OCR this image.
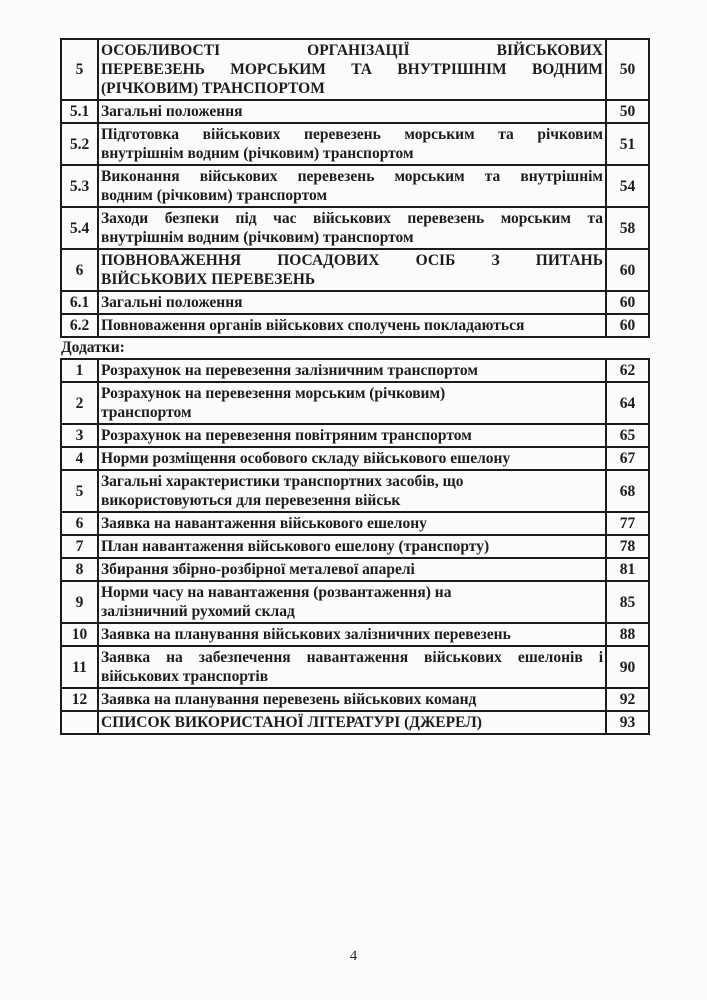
5	ОСОБЛИВОСТІ ОРГАНІЗАЦІЇ ВІЙСЬКОВИХ
ПЕРЕВЕЗЕНЬ МОРСЬКИМ ТА ВНУТРІШНІМ ВОДНИМ
(РІЧКОВИМ) ТРАНСПОРТОМ	50
5.1	Загальні положення	50
5.2	Підготовка військових перевезень морським та річковим
внутрішнім водним (річковим) транспортом	51
5.3	Виконання військових перевезень морським та внутрішнім
водним (річковим) транспортом	54
5.4	Заходи безпеки під час військових перевезень морським та
внутрішнім водним (річковим) транспортом	58
6	ПОВНОВАЖЕННЯ ПОСАДОВИХ ОСІБ З ПИТАНЬ
ВІЙСЬКОВИХ ПЕРЕВЕЗЕНЬ	60
6.1	Загальні положення	60
6.2	Повноваження органів військових сполучень покладаються	60
Додатки:
1	Розрахунок на перевезення залізничним транспортом	62
2	Розрахунок на перевезення морським (річковим)
транспортом	64
3	Розрахунок на перевезення повітряним транспортом	65
4	Норми розміщення особового складу військового ешелону	67
5	Загальні характеристики транспортних засобів, що
використовуються для перевезення військ	68
6	Заявка на навантаження військового ешелону	77
7	План навантаження військового ешелону (транспорту)	78
8	Збирання збірно-розбірної металевої апарелі	81
9	Норми часу на навантаження (розвантаження) на
залізничний рухомий склад	85
10	Заявка на планування військових залізничних перевезень	88
11	Заявка на забезпечення навантаження військових ешелонів і
військових транспортів	90
12	Заявка на планування перевезень військових команд	92
	СПИСОК ВИКОРИСТАНОЇ ЛІТЕРАТУРІ (ДЖЕРЕЛ)	93
4
